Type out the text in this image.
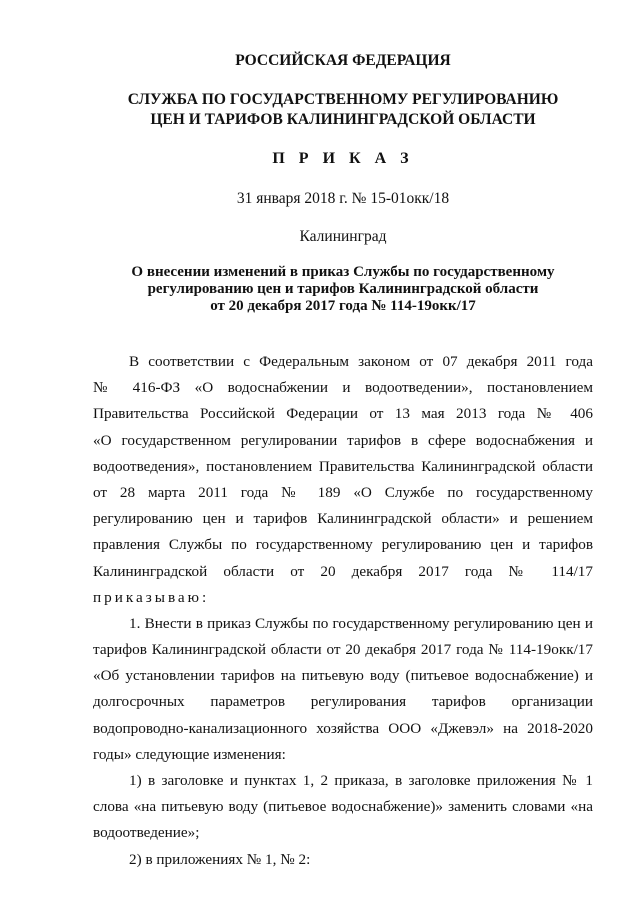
РОССИЙСКАЯ ФЕДЕРАЦИЯ
СЛУЖБА ПО ГОСУДАРСТВЕННОМУ РЕГУЛИРОВАНИЮ
ЦЕН И ТАРИФОВ КАЛИНИНГРАДСКОЙ ОБЛАСТИ
П Р И К А З
31 января 2018 г. № 15-01окк/18
Калининград
О внесении изменений в приказ Службы по государственному
регулированию цен и тарифов Калининградской области
от 20 декабря 2017 года № 114-19окк/17
В соответствии с Федеральным законом от 07 декабря 2011 года
№ 416-ФЗ «О водоснабжении и водоотведении», постановлением
Правительства Российской Федерации от 13 мая 2013 года № 406
«О государственном регулировании тарифов в сфере водоснабжения и
водоотведения», постановлением Правительства Калининградской области
от 28 марта 2011 года № 189 «О Службе по государственному
регулированию цен и тарифов Калининградской области» и решением
правления Службы по государственному регулированию цен и тарифов
Калининградской области от 20 декабря 2017 года № 114/17
приказываю:
1. Внести в приказ Службы по государственному регулированию цен и
тарифов Калининградской области от 20 декабря 2017 года № 114-19окк/17
«Об установлении тарифов на питьевую воду (питьевое водоснабжение) и
долгосрочных параметров регулирования тарифов организации
водопроводно-канализационного хозяйства ООО «Джевэл» на 2018-2020
годы» следующие изменения:
1) в заголовке и пунктах 1, 2 приказа, в заголовке приложения № 1
слова «на питьевую воду (питьевое водоснабжение)» заменить словами «на
водоотведение»;
2) в приложениях № 1, № 2:
